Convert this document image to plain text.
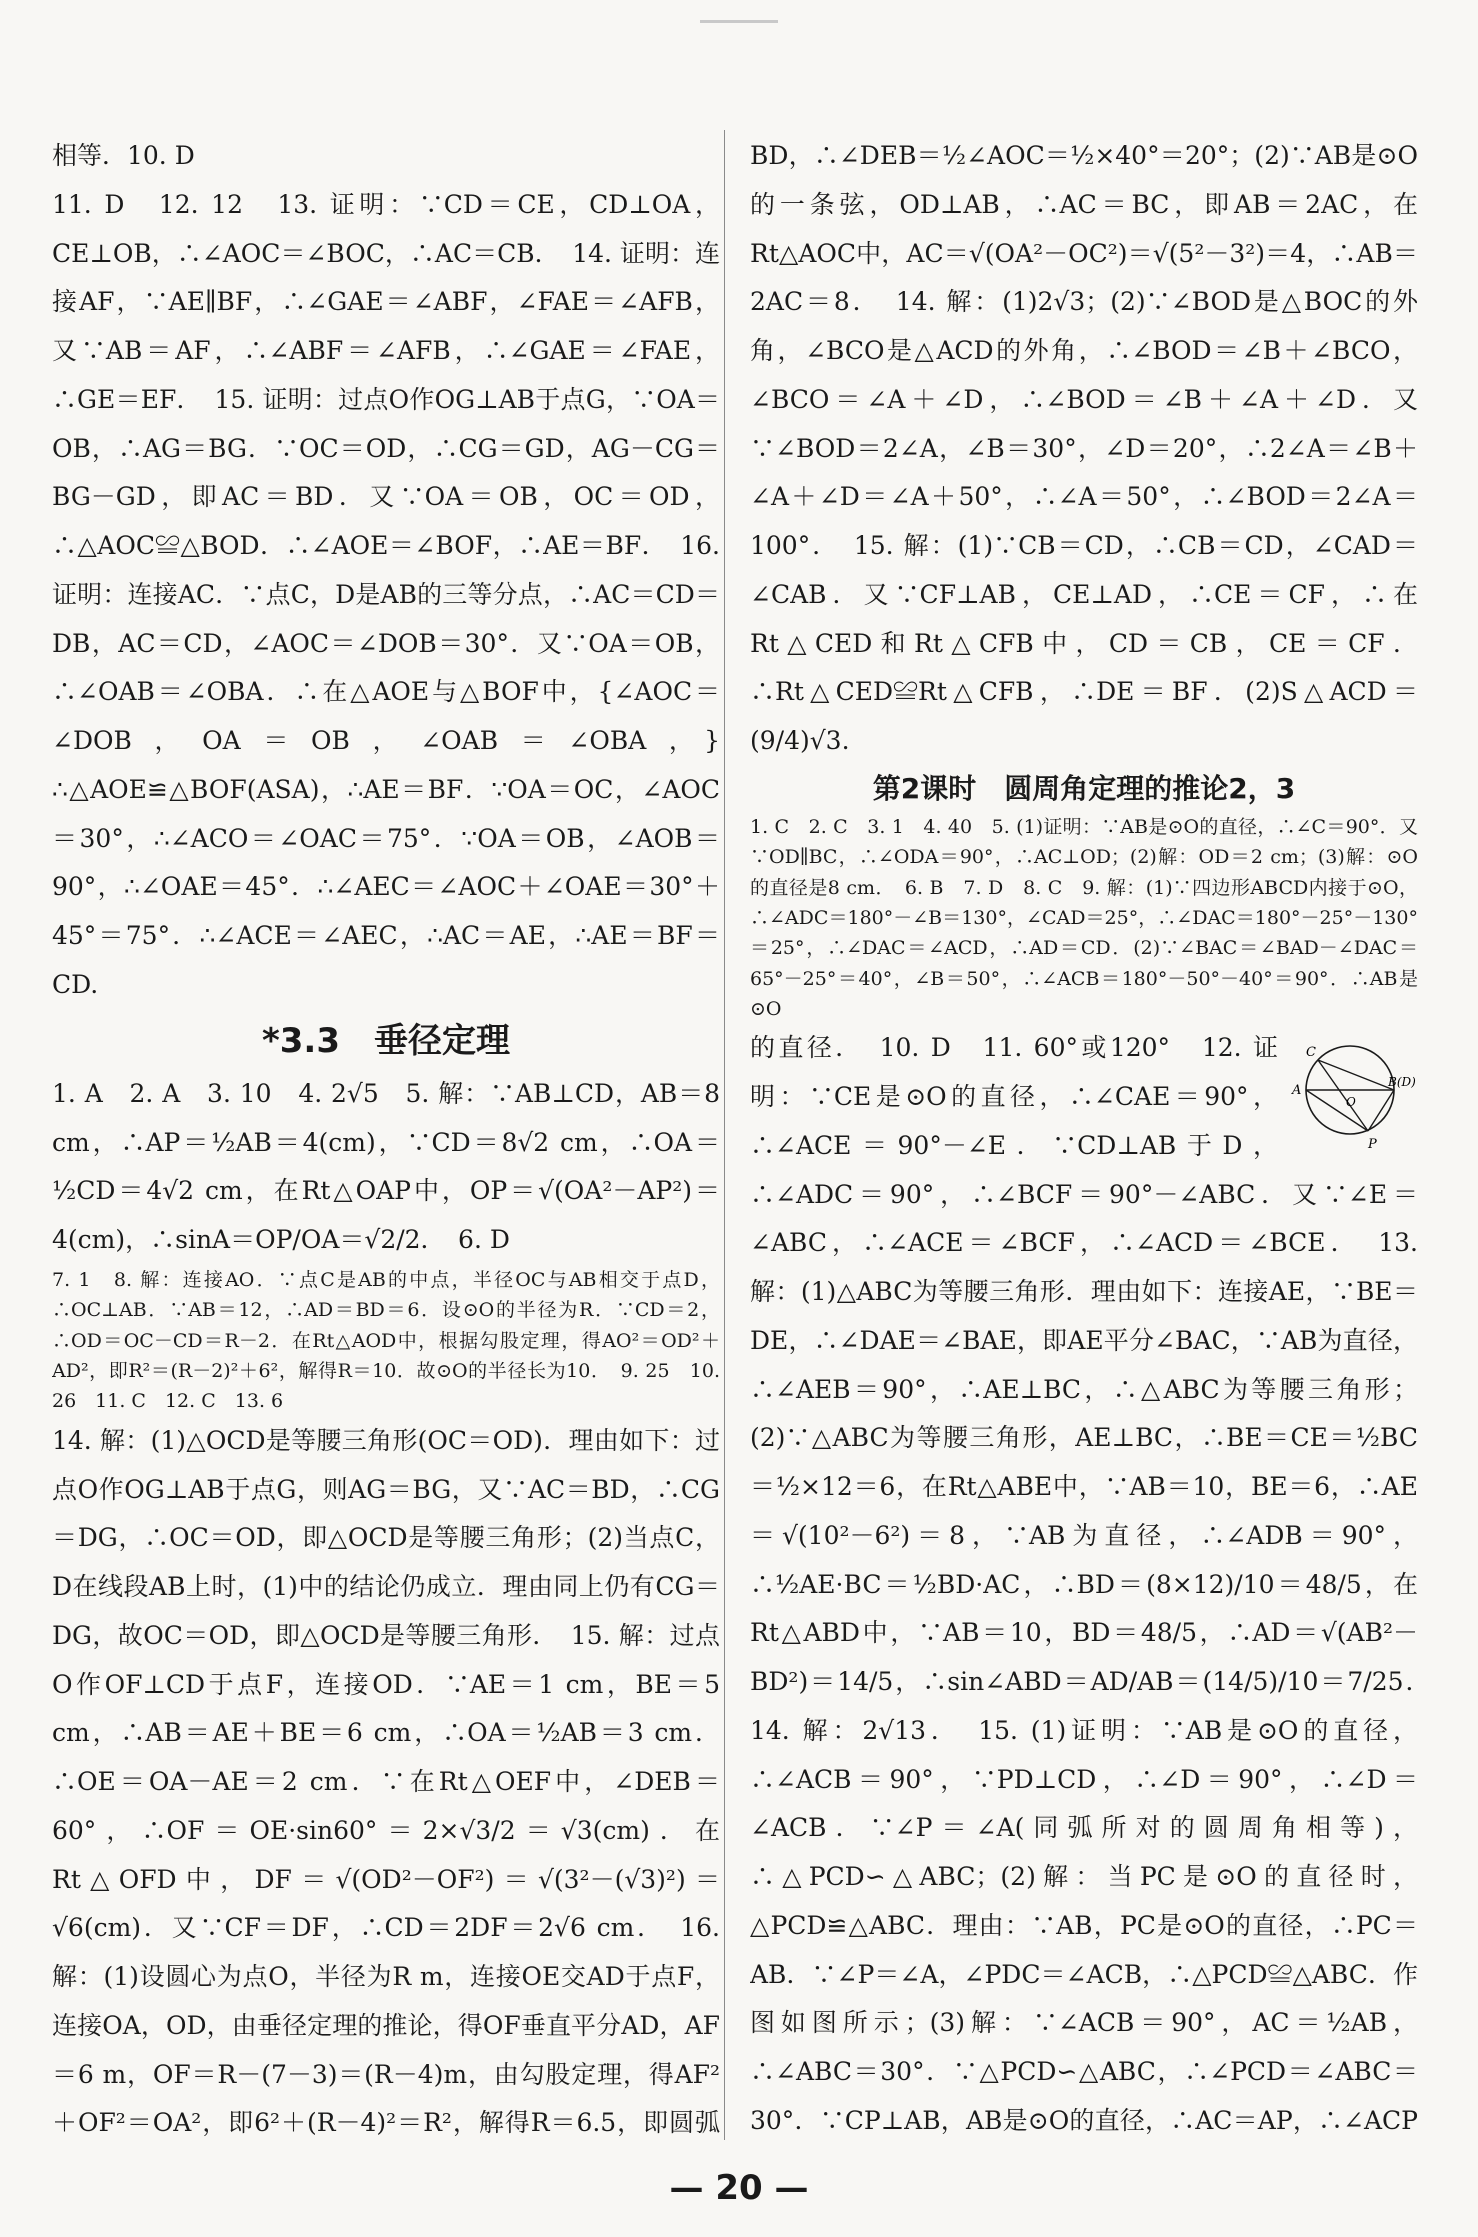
相等．10. D

11. D　12. 12　13. 证明：∵CD＝CE，CD⊥OA，CE⊥OB，∴∠AOC＝∠BOC，∴AC＝CB．　14. 证明：连接AF，∵AE∥BF，∴∠GAE＝∠ABF，∠FAE＝∠AFB，又∵AB＝AF，∴∠ABF＝∠AFB，∴∠GAE＝∠FAE，∴GE＝EF．　15. 证明：过点O作OG⊥AB于点G，∵OA＝OB，∴AG＝BG．∵OC＝OD，∴CG＝GD，AG－CG＝BG－GD，即AC＝BD．又∵OA＝OB，OC＝OD，∴△AOC≌△BOD．∴∠AOE＝∠BOF，∴AE＝BF．　16. 证明：连接AC．∵点C，D是AB的三等分点，∴AC＝CD＝DB，AC＝CD，∠AOC＝∠DOB＝30°．又∵OA＝OB，∴∠OAB＝∠OBA．∴在△AOE与△BOF中，{∠AOC＝∠DOB，OA＝OB，∠OAB＝∠OBA，} ∴△AOE≌△BOF(ASA)，∴AE＝BF．∵OA＝OC，∠AOC＝30°，∴∠ACO＝∠OAC＝75°．∵OA＝OB，∠AOB＝90°，∴∠OAE＝45°．∴∠AEC＝∠AOC＋∠OAE＝30°＋45°＝75°．∴∠ACE＝∠AEC，∴AC＝AE，∴AE＝BF＝CD.

*3.3　垂径定理

1. A　2. A　3. 10　4. 2√5　5. 解：∵AB⊥CD，AB＝8 cm，∴AP＝½AB＝4(cm)，∵CD＝8√2 cm，∴OA＝½CD＝4√2 cm，在Rt△OAP中，OP＝√(OA²－AP²)＝4(cm)，∴sinA＝OP/OA＝√2/2．　6. D

7. 1　8. 解：连接AO．∵点C是AB的中点，半径OC与AB相交于点D，∴OC⊥AB．∵AB＝12，∴AD＝BD＝6．设⊙O的半径为R．∵CD＝2，∴OD＝OC－CD＝R－2．在Rt△AOD中，根据勾股定理，得AO²＝OD²＋AD²，即R²＝(R－2)²＋6²，解得R＝10．故⊙O的半径长为10．　9. 25　10. 26　11. C　12. C　13. 6

14. 解：(1)△OCD是等腰三角形(OC＝OD)．理由如下：过点O作OG⊥AB于点G，则AG＝BG，又∵AC＝BD，∴CG＝DG，∴OC＝OD，即△OCD是等腰三角形；(2)当点C，D在线段AB上时，(1)中的结论仍成立．理由同上仍有CG＝DG，故OC＝OD，即△OCD是等腰三角形．　15. 解：过点O作OF⊥CD于点F，连接OD．∵AE＝1 cm，BE＝5 cm，∴AB＝AE＋BE＝6 cm，∴OA＝½AB＝3 cm．∴OE＝OA－AE＝2 cm．∵在Rt△OEF中，∠DEB＝60°，∴OF＝OE·sin60°＝2×√3/2＝√3(cm)．在Rt△OFD中，DF＝√(OD²－OF²)＝√(3²－(√3)²)＝√6(cm)．又∵CF＝DF，∴CD＝2DF＝2√6 cm．　16. 解：(1)设圆心为点O，半径为R m，连接OE交AD于点F，连接OA，OD，由垂径定理的推论，得OF垂直平分AD，AF＝6 m，OF＝R－(7－3)＝(R－4)m，由勾股定理，得AF²＋OF²＝OA²，即6²＋(R－4)²＝R²，解得R＝6.5，即圆弧

BD，∴∠DEB＝½∠AOC＝½×40°＝20°；(2)∵AB是⊙O的一条弦，OD⊥AB，∴AC＝BC，即AB＝2AC，在Rt△AOC中，AC＝√(OA²－OC²)＝√(5²－3²)＝4，∴AB＝2AC＝8．　14. 解：(1)2√3；(2)∵∠BOD是△BOC的外角，∠BCO是△ACD的外角，∴∠BOD＝∠B＋∠BCO，∠BCO＝∠A＋∠D，∴∠BOD＝∠B＋∠A＋∠D．又∵∠BOD＝2∠A，∠B＝30°，∠D＝20°，∴2∠A＝∠B＋∠A＋∠D＝∠A＋50°，∴∠A＝50°，∴∠BOD＝2∠A＝100°．　15. 解：(1)∵CB＝CD，∴CB＝CD，∠CAD＝∠CAB．又∵CF⊥AB，CE⊥AD，∴CE＝CF，∴在Rt△CED和Rt△CFB中，CD＝CB，CE＝CF．∴Rt△CED≌Rt△CFB，∴DE＝BF．(2)S△ACD＝(9/4)√3.

第2课时　圆周角定理的推论2，3

1. C　2. C　3. 1　4. 40　5. (1)证明：∵AB是⊙O的直径，∴∠C＝90°．又∵OD∥BC，∴∠ODA＝90°，∴AC⊥OD；(2)解：OD＝2 cm；(3)解：⊙O的直径是8 cm．　6. B　7. D　8. C　9. 解：(1)∵四边形ABCD内接于⊙O，∴∠ADC＝180°－∠B＝130°，∠CAD＝25°，∴∠DAC＝180°－25°－130°＝25°，∴∠DAC＝∠ACD，∴AD＝CD．(2)∵∠BAC＝∠BAD－∠DAC＝65°－25°＝40°，∠B＝50°，∴∠ACB＝180°－50°－40°＝90°．∴AB是⊙O

C
A
B(D)
O
P

的直径．　10. D　11. 60°或120°　12. 证明：∵CE是⊙O的直径，∴∠CAE＝90°，∴∠ACE＝90°－∠E．∵CD⊥AB于D，∴∠ADC＝90°，∴∠BCF＝90°－∠ABC．又∵∠E＝∠ABC，∴∠ACE＝∠BCF，∴∠ACD＝∠BCE．　13. 解：(1)△ABC为等腰三角形．理由如下：连接AE，∵BE＝DE，∴∠DAE＝∠BAE，即AE平分∠BAC，∵AB为直径，∴∠AEB＝90°，∴AE⊥BC，∴△ABC为等腰三角形；(2)∵△ABC为等腰三角形，AE⊥BC，∴BE＝CE＝½BC＝½×12＝6，在Rt△ABE中，∵AB＝10，BE＝6，∴AE＝√(10²－6²)＝8，∵AB为直径，∴∠ADB＝90°，∴½AE·BC＝½BD·AC，∴BD＝(8×12)/10＝48/5，在Rt△ABD中，∵AB＝10，BD＝48/5，∴AD＝√(AB²－BD²)＝14/5，∴sin∠ABD＝AD/AB＝(14/5)/10＝7/25．　14. 解：2√13．　15. (1)证明：∵AB是⊙O的直径，∴∠ACB＝90°，∵PD⊥CD，∴∠D＝90°，∴∠D＝∠ACB．∵∠P＝∠A(同弧所对的圆周角相等)，∴△PCD∽△ABC；(2)解：当PC是⊙O的直径时，△PCD≌△ABC．理由：∵AB，PC是⊙O的直径，∴PC＝AB．∵∠P＝∠A，∠PDC＝∠ACB，∴△PCD≌△ABC．作图如图所示；(3)解：∵∠ACB＝90°，AC＝½AB，∴∠ABC＝30°．∵△PCD∽△ABC，∴∠PCD＝∠ABC＝30°．∵CP⊥AB，AB是⊙O的直径，∴AC＝AP，∴∠ACP

— 20 —
